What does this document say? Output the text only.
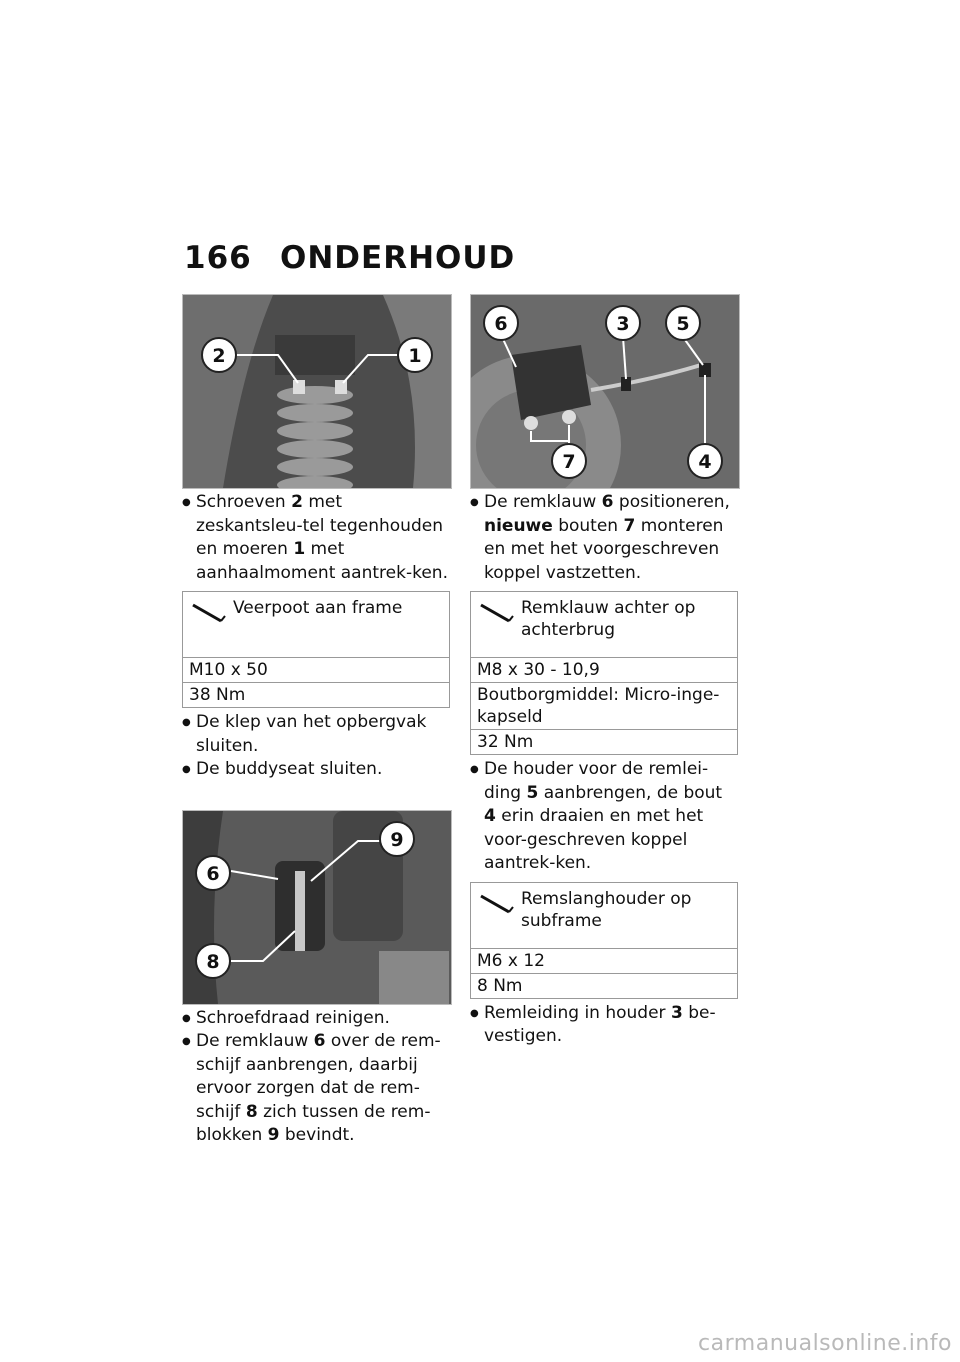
166 ONDERHOUD
2	1

● Schroeven 2 met zeskantsleu-tel tegenhouden en moeren 1 met aanhaalmoment aantrek-ken.

Veerpoot aan frame
M10 x 50
38 Nm

● De klep van het opbergvak sluiten.

● De buddyseat sluiten.

9
6
8

● Schroefdraad reinigen.

● De remklauw 6 over de rem-schijf aanbrengen, daarbij ervoor zorgen dat de rem-schijf 8 zich tussen de rem-blokken 9 bevindt.

6	3 5
7	4

● De remklauw 6 positioneren, nieuwe bouten 7 monteren en met het voorgeschreven koppel vastzetten.

Remklauw achter op achterbrug
M8 x 30 - 10,9
Boutborgmiddel: Micro-inge-kapseld
32 Nm

● De houder voor de remlei-ding 5 aanbrengen, de bout 4 erin draaien en met het voor-geschreven koppel aantrek-ken.

Remslanghouder op subframe
M6 x 12
8 Nm

● Remleiding in houder 3 be-vestigen.

carmanualsonline.info
